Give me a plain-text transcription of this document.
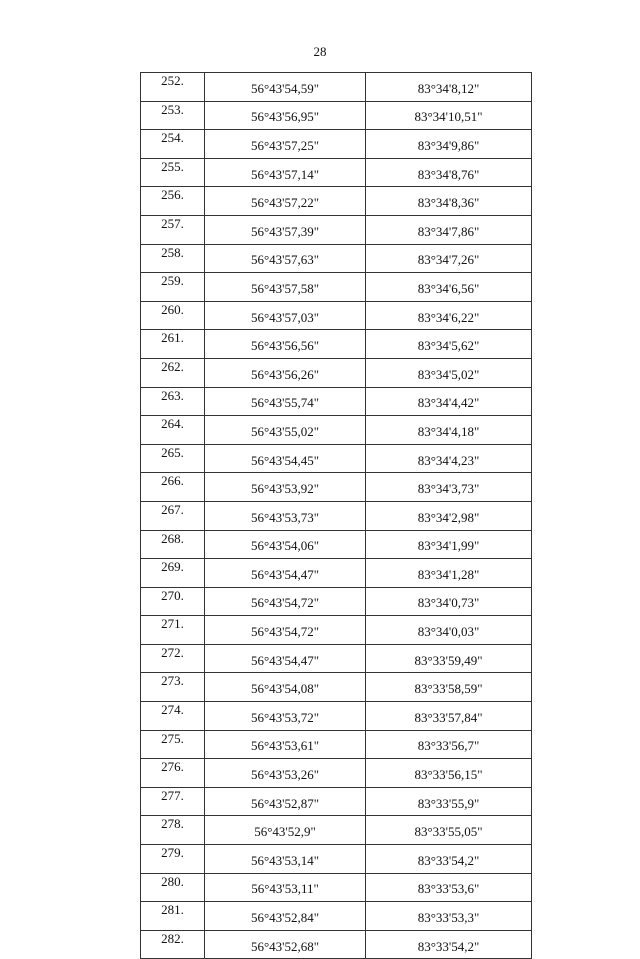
28
252.	56°43'54,59"	83°34'8,12"
253.	56°43'56,95"	83°34'10,51"
254.	56°43'57,25"	83°34'9,86"
255.	56°43'57,14"	83°34'8,76"
256.	56°43'57,22"	83°34'8,36"
257.	56°43'57,39"	83°34'7,86"
258.	56°43'57,63"	83°34'7,26"
259.	56°43'57,58"	83°34'6,56"
260.	56°43'57,03"	83°34'6,22"
261.	56°43'56,56"	83°34'5,62"
262.	56°43'56,26"	83°34'5,02"
263.	56°43'55,74"	83°34'4,42"
264.	56°43'55,02"	83°34'4,18"
265.	56°43'54,45"	83°34'4,23"
266.	56°43'53,92"	83°34'3,73"
267.	56°43'53,73"	83°34'2,98"
268.	56°43'54,06"	83°34'1,99"
269.	56°43'54,47"	83°34'1,28"
270.	56°43'54,72"	83°34'0,73"
271.	56°43'54,72"	83°34'0,03"
272.	56°43'54,47"	83°33'59,49"
273.	56°43'54,08"	83°33'58,59"
274.	56°43'53,72"	83°33'57,84"
275.	56°43'53,61"	83°33'56,7"
276.	56°43'53,26"	83°33'56,15"
277.	56°43'52,87"	83°33'55,9"
278.	56°43'52,9"	83°33'55,05"
279.	56°43'53,14"	83°33'54,2"
280.	56°43'53,11"	83°33'53,6"
281.	56°43'52,84"	83°33'53,3"
282.	56°43'52,68"	83°33'54,2"
